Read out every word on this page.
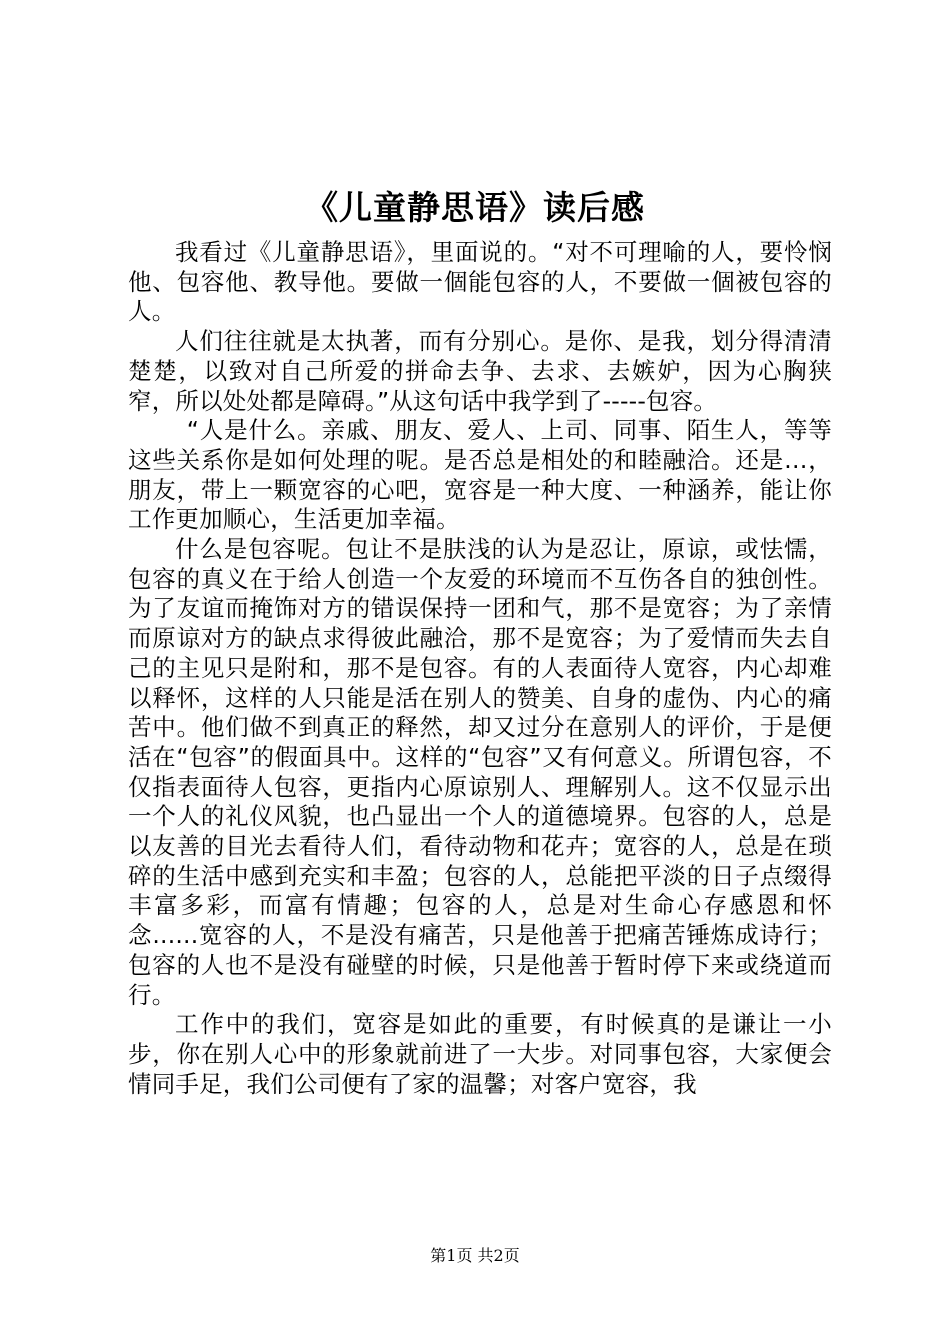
《儿童静思语》读后感

我看过《儿童静思语》，里面说的。“对不可理喻的人，要怜悯他、包容他、教导他。要做一個能包容的人，不要做一個被包容的人。

人们往往就是太执著，而有分别心。是你、是我，划分得清清楚楚，以致对自己所爱的拼命去争、去求、去嫉妒，因为心胸狭窄，所以处处都是障碍。”从这句话中我学到了-----包容。

“人是什么。亲戚、朋友、爱人、上司、同事、陌生人，等等这些关系你是如何处理的呢。是否总是相处的和睦融洽。还是…，朋友，带上一颗宽容的心吧，宽容是一种大度、一种涵养，能让你工作更加顺心，生活更加幸福。

什么是包容呢。包让不是肤浅的认为是忍让，原谅，或怯懦，包容的真义在于给人创造一个友爱的环境而不互伤各自的独创性。为了友谊而掩饰对方的错误保持一团和气，那不是宽容；为了亲情而原谅对方的缺点求得彼此融洽，那不是宽容；为了爱情而失去自己的主见只是附和，那不是包容。有的人表面待人宽容，内心却难以释怀，这样的人只能是活在别人的赞美、自身的虚伪、内心的痛苦中。他们做不到真正的释然，却又过分在意别人的评价，于是便活在“包容”的假面具中。这样的“包容”又有何意义。所谓包容，不仅指表面待人包容，更指内心原谅别人、理解别人。这不仅显示出一个人的礼仪风貌，也凸显出一个人的道德境界。包容的人，总是以友善的目光去看待人们，看待动物和花卉；宽容的人，总是在琐碎的生活中感到充实和丰盈；包容的人，总能把平淡的日子点缀得丰富多彩，而富有情趣；包容的人，总是对生命心存感恩和怀念......宽容的人，不是没有痛苦，只是他善于把痛苦锤炼成诗行；包容的人也不是没有碰壁的时候，只是他善于暂时停下来或绕道而行。

工作中的我们，宽容是如此的重要，有时候真的是谦让一小步，你在别人心中的形象就前进了一大步。对同事包容，大家便会情同手足，我们公司便有了家的温馨；对客户宽容，我

第1页 共2页
